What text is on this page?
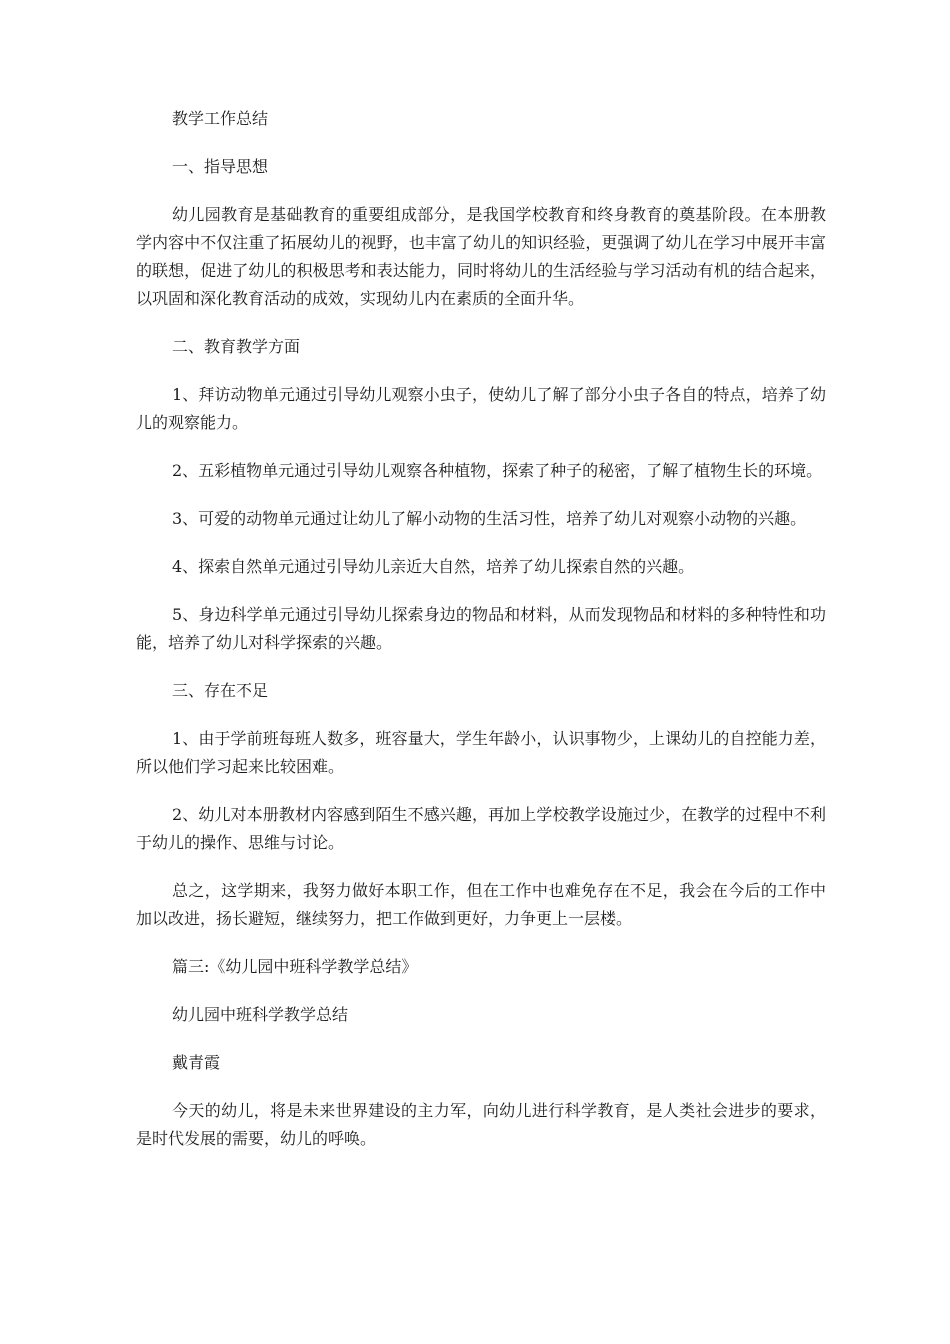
教学工作总结

一、指导思想

幼儿园教育是基础教育的重要组成部分，是我国学校教育和终身教育的奠基阶段。在本册教学内容中不仅注重了拓展幼儿的视野，也丰富了幼儿的知识经验，更强调了幼儿在学习中展开丰富的联想，促进了幼儿的积极思考和表达能力，同时将幼儿的生活经验与学习活动有机的结合起来，以巩固和深化教育活动的成效，实现幼儿内在素质的全面升华。

二、教育教学方面

1、拜访动物单元通过引导幼儿观察小虫子，使幼儿了解了部分小虫子各自的特点，培养了幼儿的观察能力。

2、五彩植物单元通过引导幼儿观察各种植物，探索了种子的秘密，了解了植物生长的环境。

3、可爱的动物单元通过让幼儿了解小动物的生活习性，培养了幼儿对观察小动物的兴趣。

4、探索自然单元通过引导幼儿亲近大自然，培养了幼儿探索自然的兴趣。

5、身边科学单元通过引导幼儿探索身边的物品和材料，从而发现物品和材料的多种特性和功能，培养了幼儿对科学探索的兴趣。

三、存在不足

1、由于学前班每班人数多，班容量大，学生年龄小，认识事物少，上课幼儿的自控能力差，所以他们学习起来比较困难。

2、幼儿对本册教材内容感到陌生不感兴趣，再加上学校教学设施过少，在教学的过程中不利于幼儿的操作、思维与讨论。

总之，这学期来，我努力做好本职工作，但在工作中也难免存在不足，我会在今后的工作中加以改进，扬长避短，继续努力，把工作做到更好，力争更上一层楼。

篇三:《幼儿园中班科学教学总结》

幼儿园中班科学教学总结

戴青霞

今天的幼儿，将是未来世界建设的主力军，向幼儿进行科学教育，是人类社会进步的要求，是时代发展的需要，幼儿的呼唤。
